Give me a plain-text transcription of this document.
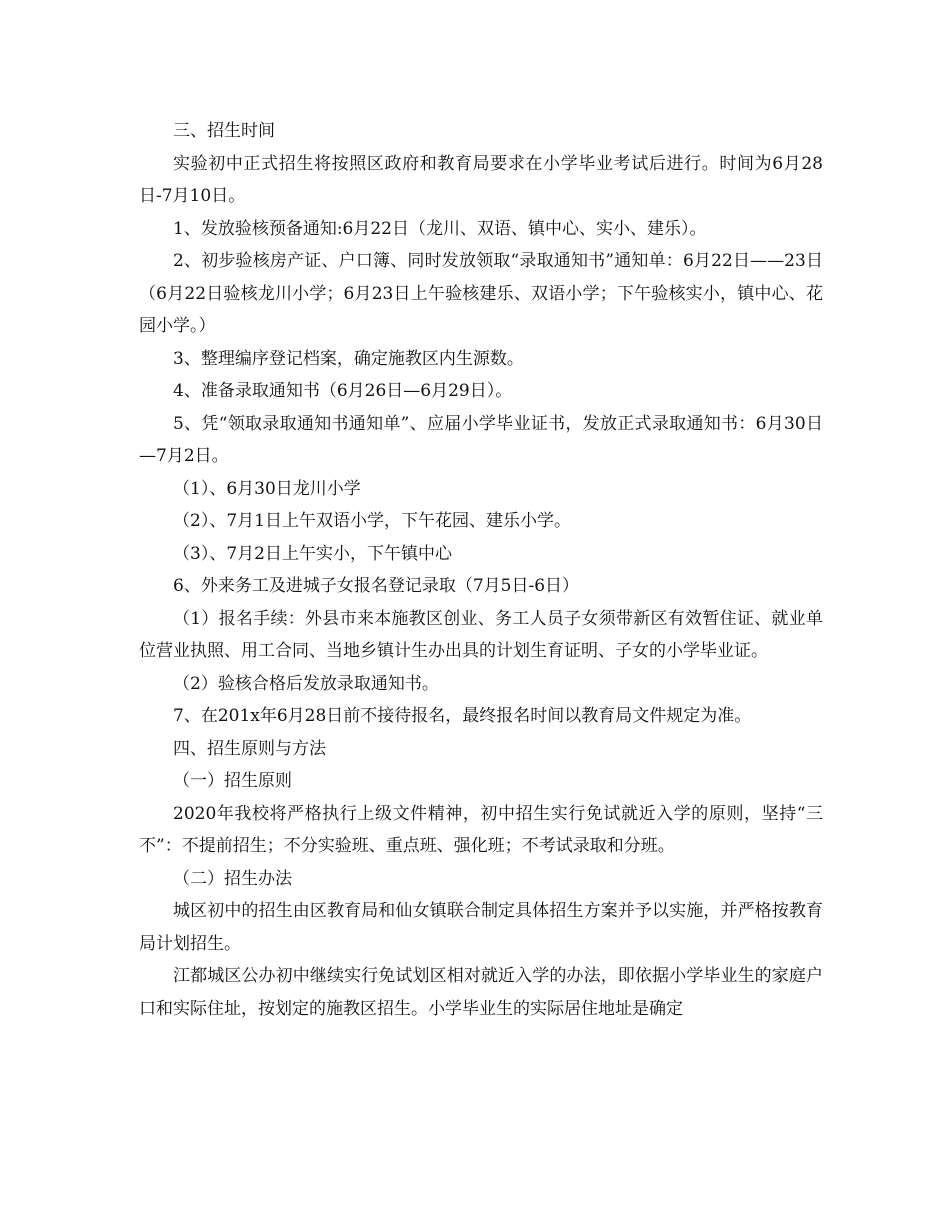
三、招生时间

实验初中正式招生将按照区政府和教育局要求在小学毕业考试后进行。时间为6月28日-7月10日。

1、发放验核预备通知:6月22日（龙川、双语、镇中心、实小、建乐）。

2、初步验核房产证、户口簿、同时发放领取“录取通知书”通知单：6月22日——23日（6月22日验核龙川小学；6月23日上午验核建乐、双语小学；下午验核实小，镇中心、花园小学。）

3、整理编序登记档案，确定施教区内生源数。

4、准备录取通知书（6月26日—6月29日）。

5、凭“领取录取通知书通知单”、应届小学毕业证书，发放正式录取通知书：6月30日—7月2日。

（1）、6月30日龙川小学

（2）、7月1日上午双语小学，下午花园、建乐小学。

（3）、7月2日上午实小，下午镇中心

6、外来务工及进城子女报名登记录取（7月5日-6日）

（1）报名手续：外县市来本施教区创业、务工人员子女须带新区有效暂住证、就业单位营业执照、用工合同、当地乡镇计生办出具的计划生育证明、子女的小学毕业证。

（2）验核合格后发放录取通知书。

7、在201x年6月28日前不接待报名，最终报名时间以教育局文件规定为准。

四、招生原则与方法

（一）招生原则

2020年我校将严格执行上级文件精神，初中招生实行免试就近入学的原则，坚持“三不”：不提前招生；不分实验班、重点班、强化班；不考试录取和分班。

（二）招生办法

城区初中的招生由区教育局和仙女镇联合制定具体招生方案并予以实施，并严格按教育局计划招生。

江都城区公办初中继续实行免试划区相对就近入学的办法，即依据小学毕业生的家庭户口和实际住址，按划定的施教区招生。小学毕业生的实际居住地址是确定
